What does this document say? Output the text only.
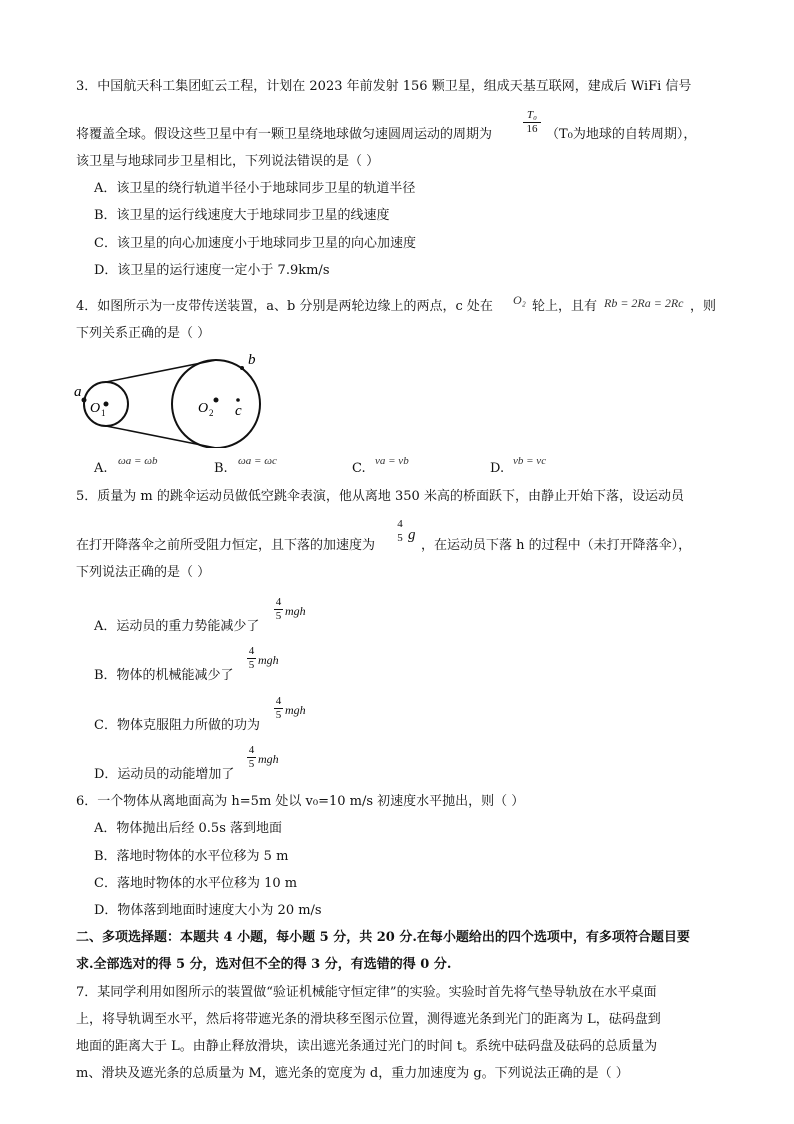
3．中国航天科工集团虹云工程，计划在 2023 年前发射 156 颗卫星，组成天基互联网，建成后 WiFi 信号
将覆盖全球。假设这些卫星中有一颗卫星绕地球做匀速圆周运动的周期为
T₀
16 （T₀为地球的自转周期），
该卫星与地球同步卫星相比，下列说法错误的是（ ）
A．该卫星的绕行轨道半径小于地球同步卫星的轨道半径
B．该卫星的运行线速度大于地球同步卫星的线速度
C．该卫星的向心加速度小于地球同步卫星的向心加速度
D．该卫星的运行速度一定小于 7.9km/s
4．如图所示为一皮带传送装置，a、b 分别是两轮边缘上的两点，c 处在 O₂ 轮上，且有 Rb = 2Ra = 2Rc ，则
下列关系正确的是（ ）
a
b
O 1	O 2 c
A. ωa = ωb	B. ωa = ωc	C. va = vb	D. vb = vc
5．质量为 m 的跳伞运动员做低空跳伞表演，他从离地 350 米高的桥面跃下，由静止开始下落，设运动员
在打开降落伞之前所受阻力恒定，且下落的加速度为
4
5 g
，在运动员下落 h 的过程中（未打开降落伞），
下列说法正确的是（ ）
A．运动员的重力势能减少了
4
5 mgh
B．物体的机械能减少了
4
5 mgh
C．物体克服阻力所做的功为
4
5 mgh
D．运动员的动能增加了
4
5 mgh
6．一个物体从离地面高为 h=5m 处以 v₀=10 m/s 初速度水平抛出，则（ ）
A．物体抛出后经 0.5s 落到地面
B．落地时物体的水平位移为 5 m
C．落地时物体的水平位移为 10 m
D．物体落到地面时速度大小为 20 m/s
二、多项选择题：本题共 4 小题，每小题 5 分，共 20 分.在每小题给出的四个选项中，有多项符合题目要
求.全部选对的得 5 分，选对但不全的得 3 分，有选错的得 0 分.
7．某同学利用如图所示的装置做“验证机械能守恒定律”的实验。实验时首先将气垫导轨放在水平桌面
上，将导轨调至水平，然后将带遮光条的滑块移至图示位置，测得遮光条到光门的距离为 L，砝码盘到
地面的距离大于 L。由静止释放滑块，读出遮光条通过光门的时间 t。系统中砝码盘及砝码的总质量为
m、滑块及遮光条的总质量为 M，遮光条的宽度为 d，重力加速度为 g。下列说法正确的是（ ）
